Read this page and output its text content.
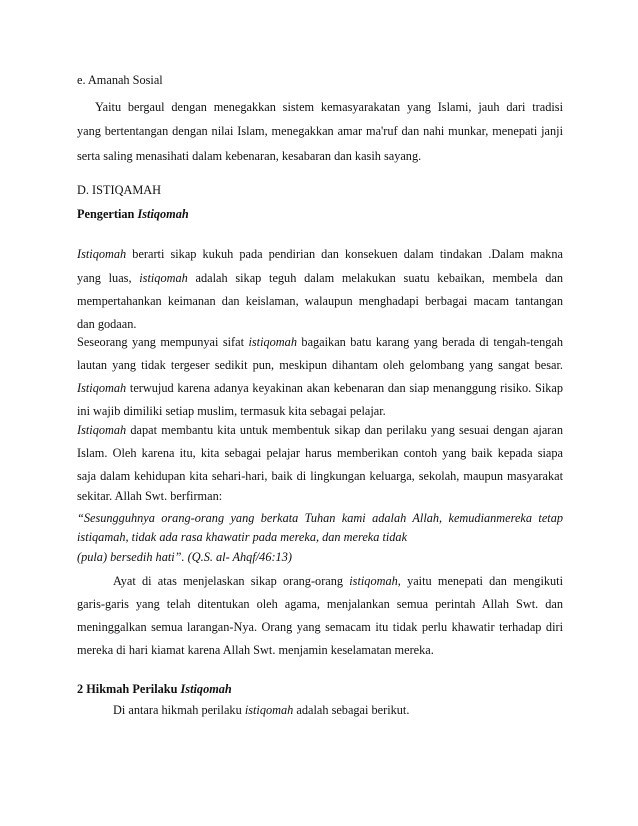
e. Amanah Sosial
Yaitu bergaul dengan menegakkan sistem kemasyarakatan yang Islami, jauh dari tradisi
yang bertentangan dengan nilai Islam, menegakkan amar ma'ruf dan nahi munkar, menepati janji
serta saling menasihati dalam kebenaran, kesabaran dan kasih sayang.
D. ISTIQAMAH
Pengertian Istiqomah
Istiqomah berarti sikap kukuh pada pendirian dan konsekuen dalam tindakan .Dalam makna
yang luas, istiqomah adalah sikap teguh dalam melakukan suatu kebaikan, membela dan
mempertahankan keimanan dan keislaman, walaupun menghadapi berbagai macam tantangan
dan godaan.
Seseorang yang mempunyai sifat istiqomah bagaikan batu karang yang berada di tengah-tengah
lautan yang tidak tergeser sedikit pun, meskipun dihantam oleh gelombang yang sangat besar.
Istiqomah terwujud karena adanya keyakinan akan kebenaran dan siap menanggung risiko. Sikap
ini wajib dimiliki setiap muslim, termasuk kita sebagai pelajar.
Istiqomah dapat membantu kita untuk membentuk sikap dan perilaku yang sesuai dengan ajaran
Islam. Oleh karena itu, kita sebagai pelajar harus memberikan contoh yang baik kepada siapa
saja dalam kehidupan kita sehari-hari, baik di lingkungan keluarga, sekolah, maupun masyarakat
sekitar. Allah Swt. berfirman:
“Sesungguhnya orang-orang yang berkata Tuhan kami adalah Allah, kemudianmereka tetap
istiqamah, tidak ada rasa khawatir pada mereka, dan mereka tidak
(pula) bersedih hati”. (Q.S. al- Ahqf/46:13)
Ayat di atas menjelaskan sikap orang-orang istiqomah, yaitu menepati dan mengikuti
garis-garis yang telah ditentukan oleh agama, menjalankan semua perintah Allah Swt. dan
meninggalkan semua larangan-Nya. Orang yang semacam itu tidak perlu khawatir terhadap diri
mereka di hari kiamat karena Allah Swt. menjamin keselamatan mereka.
2 Hikmah Perilaku Istiqomah
Di antara hikmah perilaku istiqomah adalah sebagai berikut.
